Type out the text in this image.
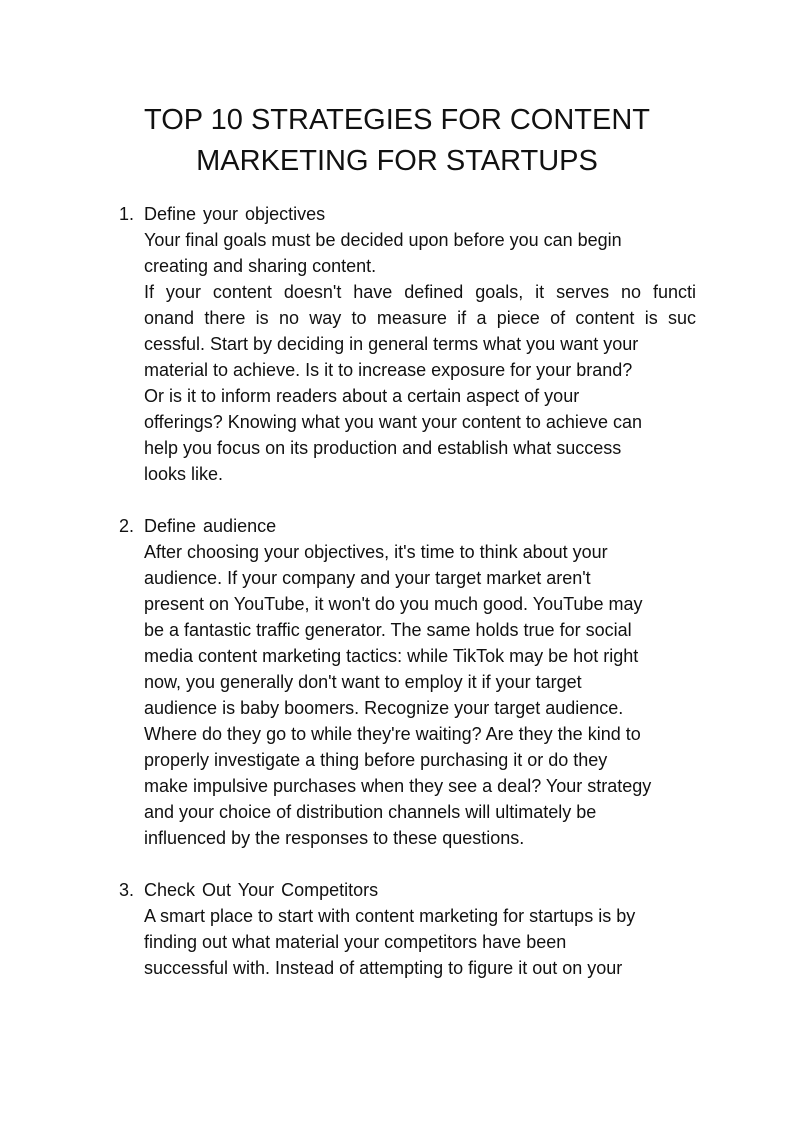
TOP 10 STRATEGIES FOR CONTENT
MARKETING FOR STARTUPS
1. Define your objectives
Your final goals must be decided upon before you can begin
creating and sharing content.
If your content doesn't have defined goals, it serves no functi
onand there is no way to measure if a piece of content is suc
cessful. Start by deciding in general terms what you want your
material to achieve. Is it to increase exposure for your brand?
Or is it to inform readers about a certain aspect of your
offerings? Knowing what you want your content to achieve can
help you focus on its production and establish what success
looks like.
2. Define audience
After choosing your objectives, it's time to think about your
audience. If your company and your target market aren't
present on YouTube, it won't do you much good. YouTube may
be a fantastic traffic generator. The same holds true for social
media content marketing tactics: while TikTok may be hot right
now, you generally don't want to employ it if your target
audience is baby boomers. Recognize your target audience.
Where do they go to while they're waiting? Are they the kind to
properly investigate a thing before purchasing it or do they
make impulsive purchases when they see a deal? Your strategy
and your choice of distribution channels will ultimately be
influenced by the responses to these questions.
3. Check Out Your Competitors
A smart place to start with content marketing for startups is by
finding out what material your competitors have been
successful with. Instead of attempting to figure it out on your
